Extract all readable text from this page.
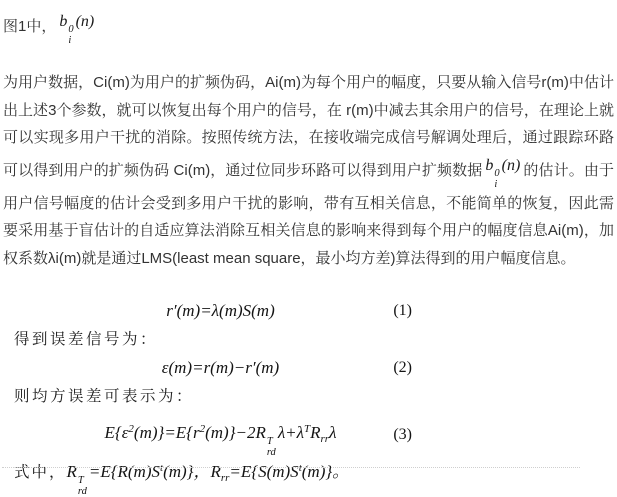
图1中， b 0
i
(n)
为用户数据，Ci(m)为用户的扩频伪码，Ai(m)为每个用户的幅度，只要从输入信号r(m)中估计出上述3个参数，就可以恢复出每个用户的信号，在 r(m)中减去其余用户的信号，在理论上就可以实现多用户干扰的消除。按照传统方法，在接收端完成信号解调处理后，通过跟踪环路可以得到用户的扩频伪码 Ci(m)，通过位同步环路可以得到用户扩频数据 b 0
i
(n) 的估计。由于用户信号幅度的估计会受到多用户干扰的影响，带有互相关信息，不能简单的恢复，因此需要采用基于盲估计的自适应算法消除互相关信息的影响来得到每个用户的幅度信息Ai(m)，加权系数λi(m)就是通过LMS(least mean square，最小均方差)算法得到的用户幅度信息。
r′(m)=λ(m)S(m)	(1)
得到误差信号为：
ε(m)=r(m)−r′(m)	(2)
则均方误差可表示为：
$E\{\varepsilon^2(m)\}=E\{r^2(m)\}-2R$ T
rd
$\lambda+\lambda^TR_{rr}\lambda$	(3)
式中，R T
rd
$=E\{R(m)S^t(m)\}$，$R_{rr}=E\{S(m)S^t(m)\}$。
